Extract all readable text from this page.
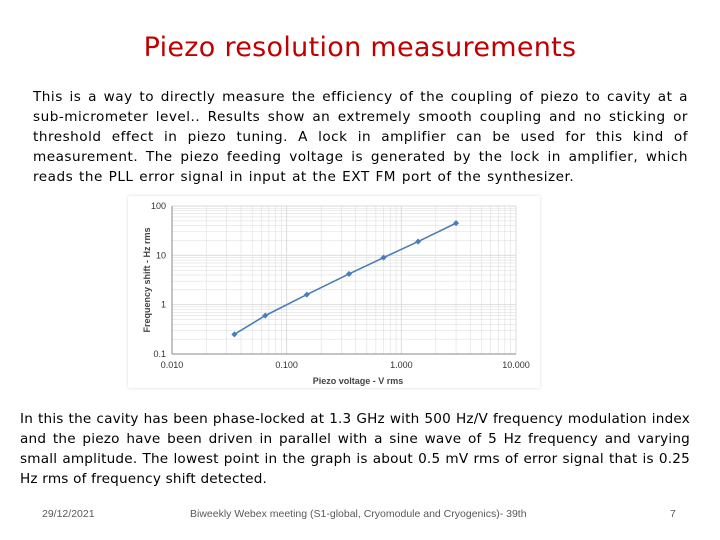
Piezo resolution measurements
This is a way to directly measure the efficiency of the coupling of piezo to cavity at a sub-micrometer level.. Results show an extremely smooth coupling and no sticking or threshold effect in piezo tuning. A lock in amplifier can be used for this kind of measurement. The piezo feeding voltage is generated by the lock in amplifier, which reads the PLL error signal in input at the EXT FM port of the synthesizer.
0.010	0.100	1.000	10.000
100
10
1
0.1
Piezo voltage - V rms
Frequency shift - Hz rms
In this the cavity has been phase-locked at 1.3 GHz with 500 Hz/V frequency modulation index and the piezo have been driven in parallel with a sine wave of 5 Hz frequency and varying small amplitude. The lowest point in the graph is about 0.5 mV rms of error signal that is 0.25 Hz rms of frequency shift detected.
29/12/2021	Biweekly Webex meeting (S1-global, Cryomodule and Cryogenics)- 39th	7
